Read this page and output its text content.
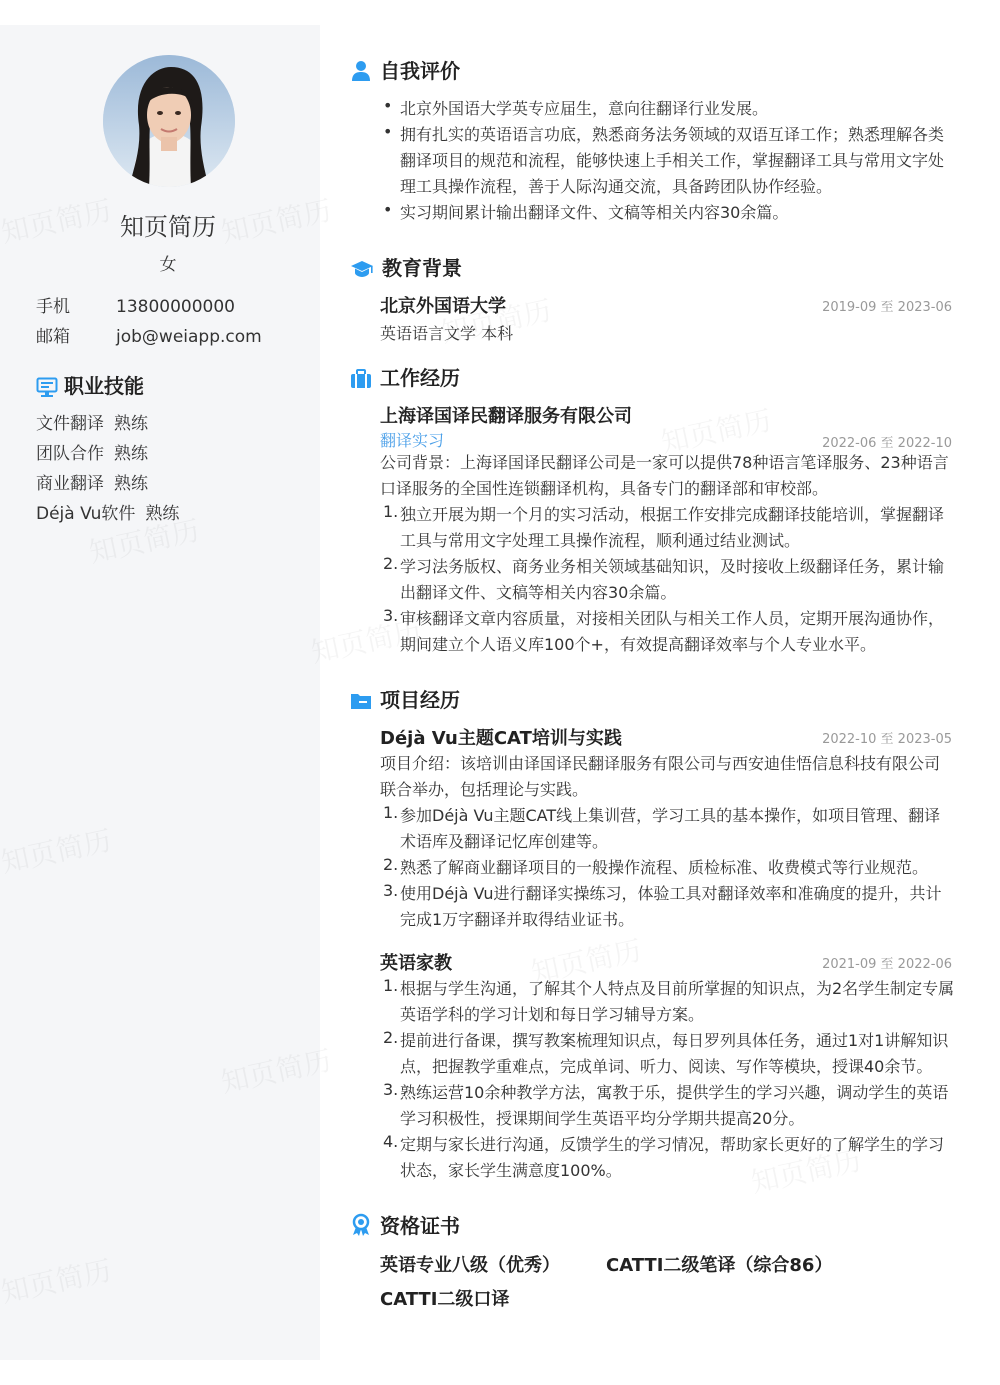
知页简历
女
手机	13800000000
邮箱	job@weiapp.com
职业技能
文件翻译 熟练
团队合作 熟练
商业翻译 熟练
Déjà Vu软件 熟练
自我评价
• 北京外国语大学英专应届生，意向往翻译行业发展。
• 拥有扎实的英语语言功底，熟悉商务法务领域的双语互译工作；熟悉理解各类翻译项目的规范和流程，能够快速上手相关工作，掌握翻译工具与常用文字处理工具操作流程，善于人际沟通交流，具备跨团队协作经验。
• 实习期间累计输出翻译文件、文稿等相关内容30余篇。
教育背景
北京外国语大学	2019-09 至 2023-06
英语语言文学 本科
工作经历
上海译国译民翻译服务有限公司
翻译实习	2022-06 至 2022-10
公司背景：上海译国译民翻译公司是一家可以提供78种语言笔译服务、23种语言口译服务的全国性连锁翻译机构，具备专门的翻译部和审校部。
1. 独立开展为期一个月的实习活动，根据工作安排完成翻译技能培训，掌握翻译工具与常用文字处理工具操作流程，顺利通过结业测试。
2. 学习法务版权、商务业务相关领域基础知识，及时接收上级翻译任务，累计输出翻译文件、文稿等相关内容30余篇。
3. 审核翻译文章内容质量，对接相关团队与相关工作人员，定期开展沟通协作，期间建立个人语义库100个+，有效提高翻译效率与个人专业水平。
项目经历
Déjà Vu主题CAT培训与实践	2022-10 至 2023-05
项目介绍：该培训由译国译民翻译服务有限公司与西安迪佳悟信息科技有限公司联合举办，包括理论与实践。
1. 参加Déjà Vu主题CAT线上集训营，学习工具的基本操作，如项目管理、翻译术语库及翻译记忆库创建等。
2. 熟悉了解商业翻译项目的一般操作流程、质检标准、收费模式等行业规范。
3. 使用Déjà Vu进行翻译实操练习，体验工具对翻译效率和准确度的提升，共计完成1万字翻译并取得结业证书。
英语家教	2021-09 至 2022-06
1. 根据与学生沟通，了解其个人特点及目前所掌握的知识点，为2名学生制定专属英语学科的学习计划和每日学习辅导方案。
2. 提前进行备课，撰写教案梳理知识点，每日罗列具体任务，通过1对1讲解知识点，把握教学重难点，完成单词、听力、阅读、写作等模块，授课40余节。
3. 熟练运营10余种教学方法，寓教于乐，提供学生的学习兴趣，调动学生的英语学习积极性，授课期间学生英语平均分学期共提高20分。
4. 定期与家长进行沟通，反馈学生的学习情况，帮助家长更好的了解学生的学习状态，家长学生满意度100%。
资格证书
英语专业八级（优秀）	CATTI二级笔译（综合86）
CATTI二级口译
